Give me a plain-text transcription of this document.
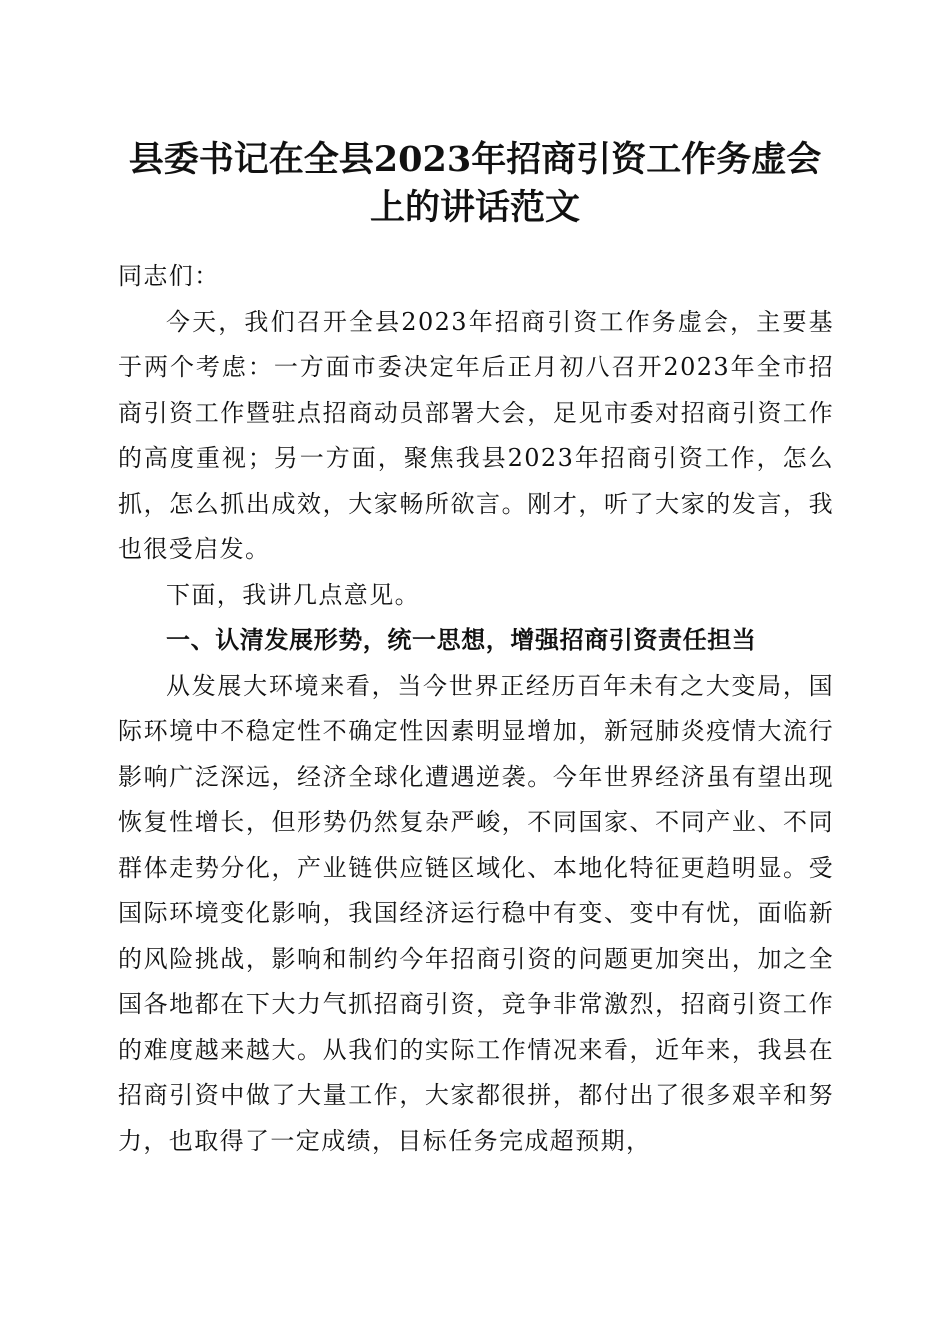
县委书记在全县2023年招商引资工作务虚会
上的讲话范文

同志们：

今天，我们召开全县2023年招商引资工作务虚会，主要基于两个考虑：一方面市委决定年后正月初八召开2023年全市招商引资工作暨驻点招商动员部署大会，足见市委对招商引资工作的高度重视；另一方面，聚焦我县2023年招商引资工作，怎么抓，怎么抓出成效，大家畅所欲言。刚才，听了大家的发言，我也很受启发。

下面，我讲几点意见。

一、认清发展形势，统一思想，增强招商引资责任担当

从发展大环境来看，当今世界正经历百年未有之大变局，国际环境中不稳定性不确定性因素明显增加，新冠肺炎疫情大流行影响广泛深远，经济全球化遭遇逆袭。今年世界经济虽有望出现恢复性增长，但形势仍然复杂严峻，不同国家、不同产业、不同群体走势分化，产业链供应链区域化、本地化特征更趋明显。受国际环境变化影响，我国经济运行稳中有变、变中有忧，面临新的风险挑战，影响和制约今年招商引资的问题更加突出，加之全国各地都在下大力气抓招商引资，竞争非常激烈，招商引资工作的难度越来越大。从我们的实际工作情况来看，近年来，我县在招商引资中做了大量工作，大家都很拼，都付出了很多艰辛和努力，也取得了一定成绩，目标任务完成超预期，
